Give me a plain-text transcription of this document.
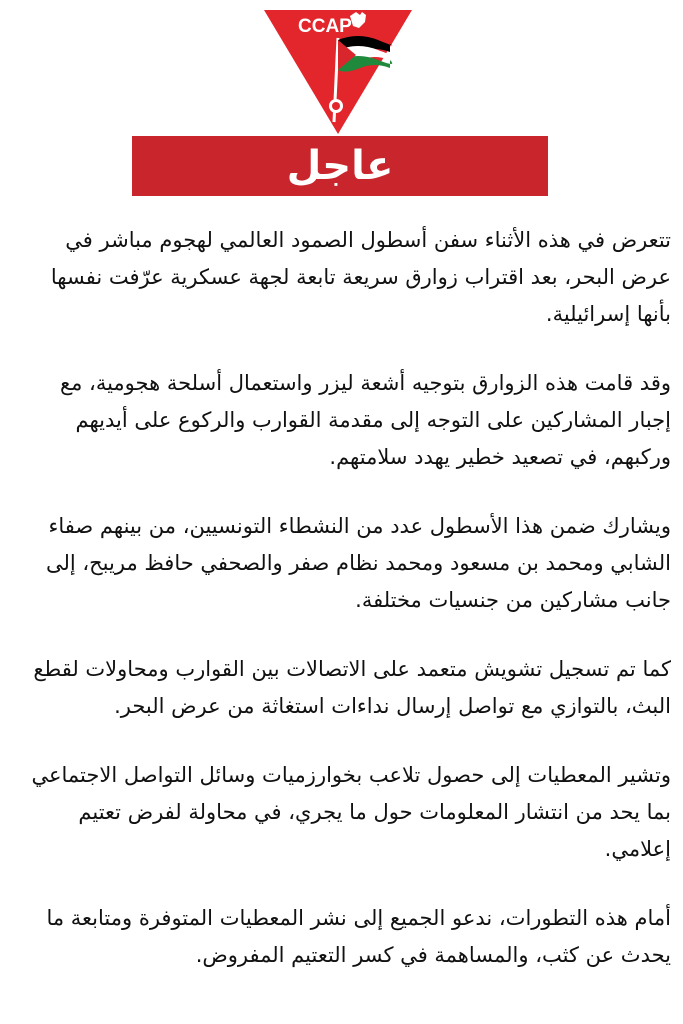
CCAP
عاجل

تتعرض في هذه الأثناء سفن أسطول الصمود العالمي لهجوم مباشر في عرض البحر، بعد اقتراب زوارق سريعة تابعة لجهة عسكرية عرّفت نفسها بأنها إسرائيلية.

وقد قامت هذه الزوارق بتوجيه أشعة ليزر واستعمال أسلحة هجومية، مع إجبار المشاركين على التوجه إلى مقدمة القوارب والركوع على أيديهم وركبهم، في تصعيد خطير يهدد سلامتهم.

ويشارك ضمن هذا الأسطول عدد من النشطاء التونسيين، من بينهم صفاء الشابي ومحمد بن مسعود ومحمد نظام صفر والصحفي حافظ مريبح، إلى جانب مشاركين من جنسيات مختلفة.

كما تم تسجيل تشويش متعمد على الاتصالات بين القوارب ومحاولات لقطع البث، بالتوازي مع تواصل إرسال نداءات استغاثة من عرض البحر.

وتشير المعطيات إلى حصول تلاعب بخوارزميات وسائل التواصل الاجتماعي بما يحد من انتشار المعلومات حول ما يجري، في محاولة لفرض تعتيم إعلامي.

أمام هذه التطورات، ندعو الجميع إلى نشر المعطيات المتوفرة ومتابعة ما يحدث عن كثب، والمساهمة في كسر التعتيم المفروض.
